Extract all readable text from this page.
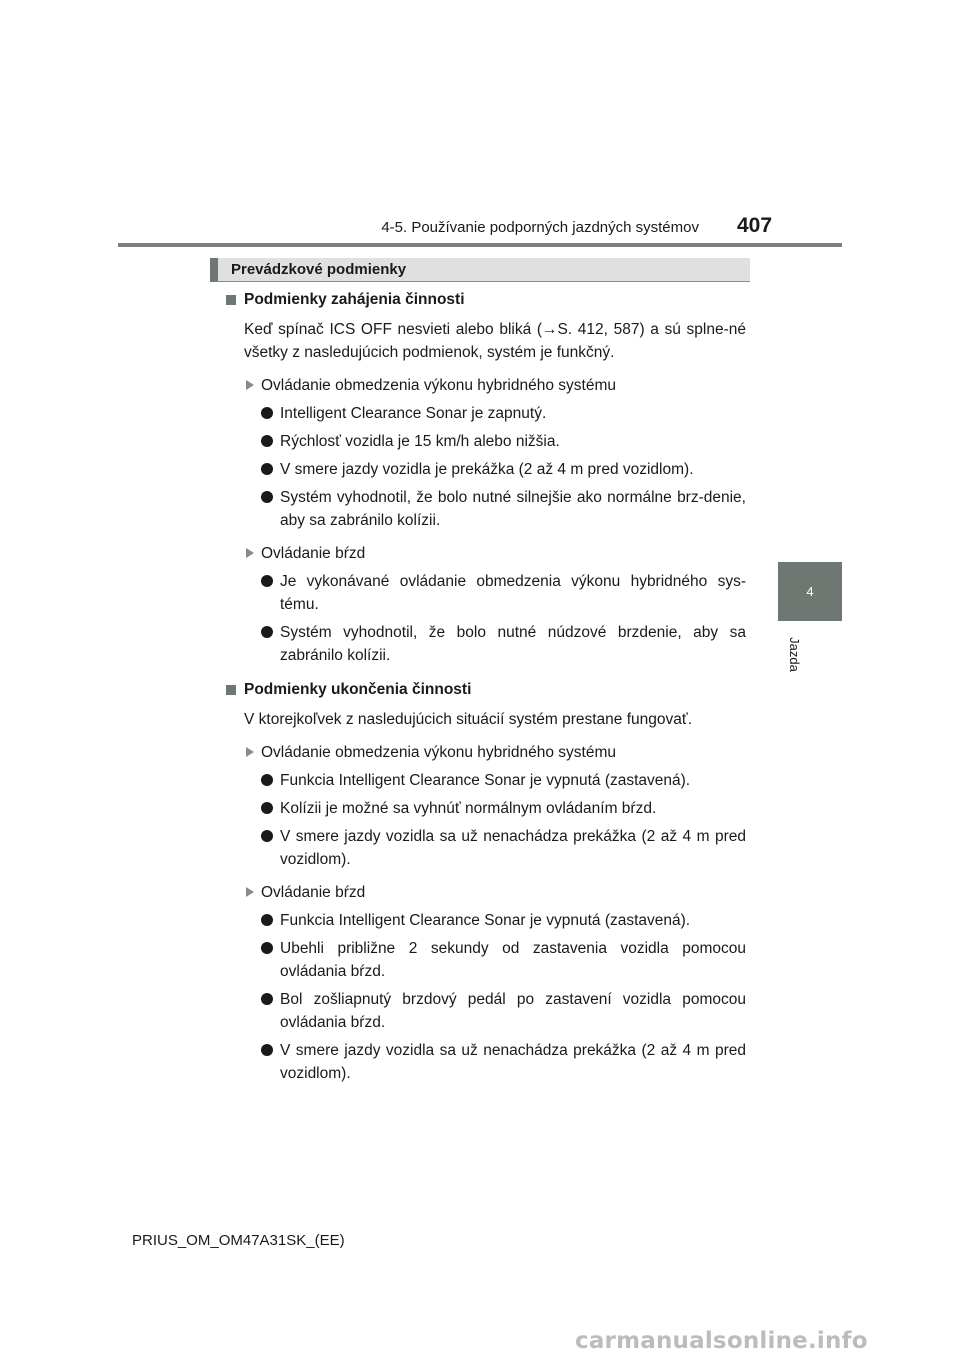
4-5. Používanie podporných jazdných systémov 407
4
Jazda
Prevádzkové podmienky

Podmienky zahájenia činnosti

Keď spínač ICS OFF nesvieti alebo bliká (→S. 412, 587) a sú splne-né všetky z nasledujúcich podmienok, systém je funkčný.

Ovládanie obmedzenia výkonu hybridného systému
Intelligent Clearance Sonar je zapnutý.
Rýchlosť vozidla je 15 km/h alebo nižšia.
V smere jazdy vozidla je prekážka (2 až 4 m pred vozidlom).
Systém vyhodnotil, že bolo nutné silnejšie ako normálne brz-denie, aby sa zabránilo kolízii.
Ovládanie bŕzd
Je vykonávané ovládanie obmedzenia výkonu hybridného sys-tému.
Systém vyhodnotil, že bolo nutné núdzové brzdenie, aby sa zabránilo kolízii.

Podmienky ukončenia činnosti

V ktorejkoľvek z nasledujúcich situácií systém prestane fungovať.

Ovládanie obmedzenia výkonu hybridného systému
Funkcia Intelligent Clearance Sonar je vypnutá (zastavená).
Kolízii je možné sa vyhnúť normálnym ovládaním bŕzd.
V smere jazdy vozidla sa už nenachádza prekážka (2 až 4 m pred vozidlom).
Ovládanie bŕzd
Funkcia Intelligent Clearance Sonar je vypnutá (zastavená).
Ubehli približne 2 sekundy od zastavenia vozidla pomocou ovládania bŕzd.
Bol zošliapnutý brzdový pedál po zastavení vozidla pomocou ovládania bŕzd.
V smere jazdy vozidla sa už nenachádza prekážka (2 až 4 m pred vozidlom).
PRIUS_OM_OM47A31SK_(EE)
carmanualsonline.info
